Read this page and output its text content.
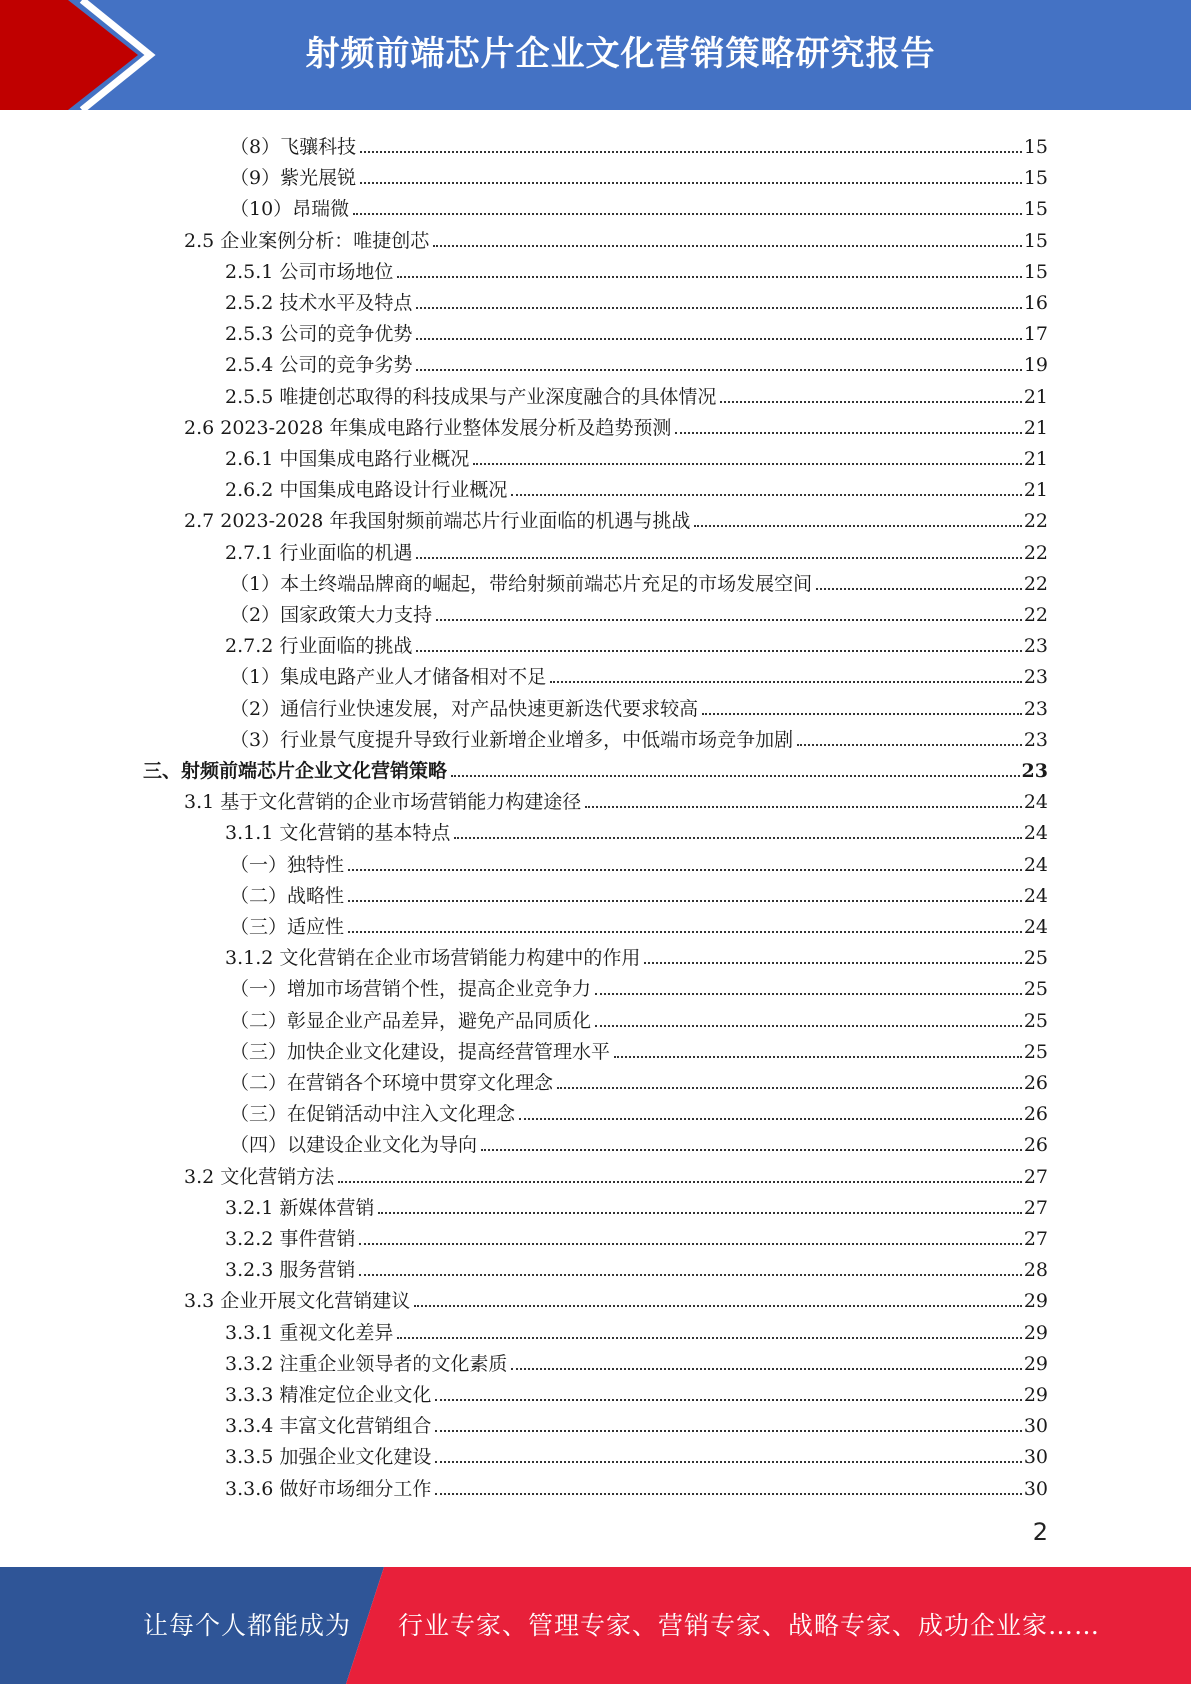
射频前端芯片企业文化营销策略研究报告
（8）飞骧科技	15
（9）紫光展锐	15
（10）昂瑞微	15
2.5 企业案例分析：唯捷创芯	15
2.5.1 公司市场地位	15
2.5.2 技术水平及特点	16
2.5.3 公司的竞争优势	17
2.5.4 公司的竞争劣势	19
2.5.5 唯捷创芯取得的科技成果与产业深度融合的具体情况	21
2.6 2023-2028 年集成电路行业整体发展分析及趋势预测	21
2.6.1 中国集成电路行业概况	21
2.6.2 中国集成电路设计行业概况	21
2.7 2023-2028 年我国射频前端芯片行业面临的机遇与挑战	22
2.7.1 行业面临的机遇	22
（1）本土终端品牌商的崛起，带给射频前端芯片充足的市场发展空间	22
（2）国家政策大力支持	22
2.7.2 行业面临的挑战	23
（1）集成电路产业人才储备相对不足	23
（2）通信行业快速发展，对产品快速更新迭代要求较高	23
（3）行业景气度提升导致行业新增企业增多，中低端市场竞争加剧	23
三、射频前端芯片企业文化营销策略	23
3.1 基于文化营销的企业市场营销能力构建途径	24
3.1.1 文化营销的基本特点	24
（一）独特性	24
（二）战略性	24
（三）适应性	24
3.1.2 文化营销在企业市场营销能力构建中的作用	25
（一）增加市场营销个性，提高企业竞争力	25
（二）彰显企业产品差异，避免产品同质化	25
（三）加快企业文化建设，提高经营管理水平	25
（二）在营销各个环境中贯穿文化理念	26
（三）在促销活动中注入文化理念	26
（四）以建设企业文化为导向	26
3.2 文化营销方法	27
3.2.1 新媒体营销	27
3.2.2 事件营销	27
3.2.3 服务营销	28
3.3 企业开展文化营销建议	29
3.3.1 重视文化差异	29
3.3.2 注重企业领导者的文化素质	29
3.3.3 精准定位企业文化	29
3.3.4 丰富文化营销组合	30
3.3.5 加强企业文化建设	30
3.3.6 做好市场细分工作	30
2
让每个人都能成为 行业专家、管理专家、营销专家、战略专家、成功企业家……
